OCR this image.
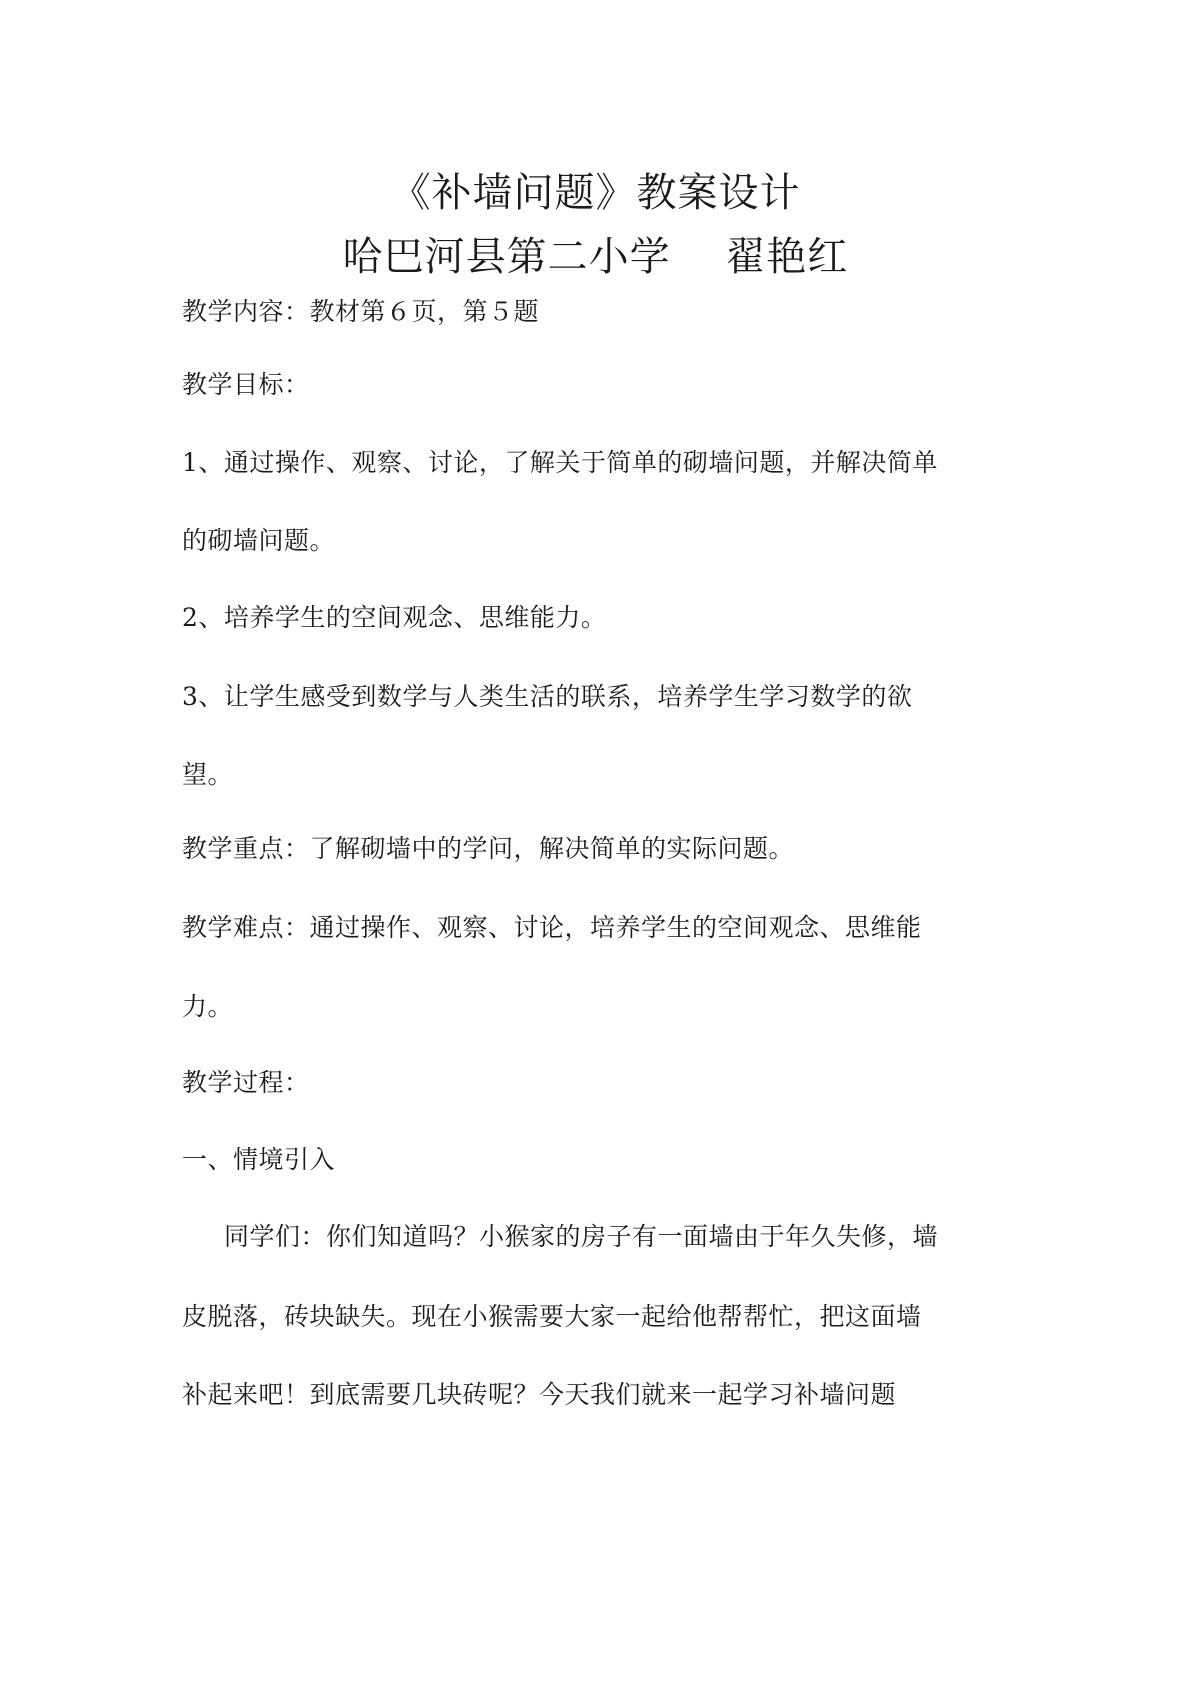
《补墙问题》教案设计
哈巴河县第二小学　 翟艳红
教学内容：教材第６页，第５题
教学目标：
1、通过操作、观察、讨论，了解关于简单的砌墙问题，并解决简单
的砌墙问题。
2、培养学生的空间观念、思维能力。
3、让学生感受到数学与人类生活的联系，培养学生学习数学的欲
望。
教学重点：了解砌墙中的学问，解决简单的实际问题。
教学难点：通过操作、观察、讨论，培养学生的空间观念、思维能
力。
教学过程：
一、情境引入
同学们：你们知道吗？小猴家的房子有一面墙由于年久失修，墙
皮脱落，砖块缺失。现在小猴需要大家一起给他帮帮忙，把这面墙
补起来吧！到底需要几块砖呢？今天我们就来一起学习补墙问题
